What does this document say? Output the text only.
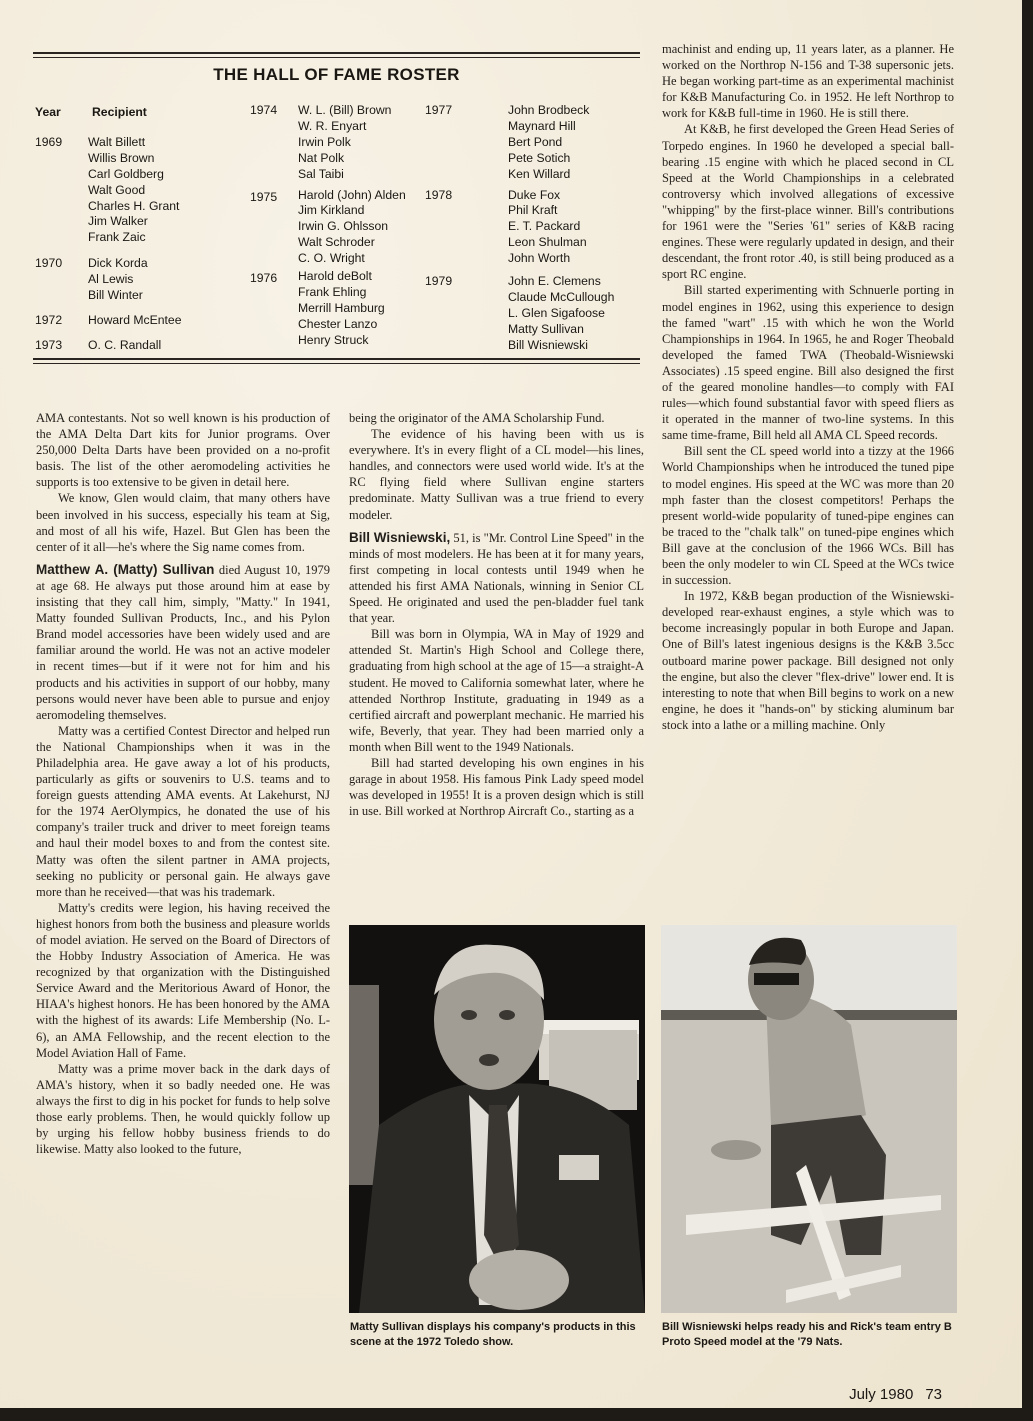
THE HALL OF FAME ROSTER
Year	Recipient
1969 Walt Billett
Willis Brown
Carl Goldberg
Walt Good
Charles H. Grant
Jim Walker
Frank Zaic
1970 Dick Korda
Al Lewis
Bill Winter
1972 Howard McEntee
1973 O. C. Randall
1974 W. L. (Bill) Brown
W. R. Enyart
Irwin Polk
Nat Polk
Sal Taibi
1975 Harold (John) Alden
Jim Kirkland
Irwin G. Ohlsson
Walt Schroder
C. O. Wright
1976 Harold deBolt
Frank Ehling
Merrill Hamburg
Chester Lanzo
Henry Struck
1977	John Brodbeck
Maynard Hill
Bert Pond
Pete Sotich
Ken Willard
1978	Duke Fox
Phil Kraft
E. T. Packard
Leon Shulman
John Worth
1979	John E. Clemens
Claude McCullough
L. Glen Sigafoose
Matty Sullivan
Bill Wisniewski

AMA contestants. Not so well known is his production of the AMA Delta Dart kits for Junior programs. Over 250,000 Delta Darts have been provided on a no-profit basis. The list of the other aeromodeling activities he supports is too extensive to be given in detail here.

We know, Glen would claim, that many others have been involved in his success, especially his team at Sig, and most of all his wife, Hazel. But Glen has been the center of it all—he's where the Sig name comes from.

Matthew A. (Matty) Sullivan died August 10, 1979 at age 68. He always put those around him at ease by insisting that they call him, simply, "Matty." In 1941, Matty founded Sullivan Products, Inc., and his Pylon Brand model accessories have been widely used and are familiar around the world. He was not an active modeler in recent times—but if it were not for him and his products and his activities in support of our hobby, many persons would never have been able to pursue and enjoy aeromodeling themselves.

Matty was a certified Contest Director and helped run the National Championships when it was in the Philadelphia area. He gave away a lot of his products, particularly as gifts or souvenirs to U.S. teams and to foreign guests attending AMA events. At Lakehurst, NJ for the 1974 AerOlympics, he donated the use of his company's trailer truck and driver to meet foreign teams and haul their model boxes to and from the contest site. Matty was often the silent partner in AMA projects, seeking no publicity or personal gain. He always gave more than he received—that was his trademark.

Matty's credits were legion, his having received the highest honors from both the business and pleasure worlds of model aviation. He served on the Board of Directors of the Hobby Industry Association of America. He was recognized by that organization with the Distinguished Service Award and the Meritorious Award of Honor, the HIAA's highest honors. He has been honored by the AMA with the highest of its awards: Life Membership (No. L-6), an AMA Fellowship, and the recent election to the Model Aviation Hall of Fame.

Matty was a prime mover back in the dark days of AMA's history, when it so badly needed one. He was always the first to dig in his pocket for funds to help solve those early problems. Then, he would quickly follow up by urging his fellow hobby business friends to do likewise. Matty also looked to the future,

being the originator of the AMA Scholarship Fund.

The evidence of his having been with us is everywhere. It's in every flight of a CL model—his lines, handles, and connectors were used world wide. It's at the RC flying field where Sullivan engine starters predominate. Matty Sullivan was a true friend to every modeler.

Bill Wisniewski, 51, is "Mr. Control Line Speed" in the minds of most modelers. He has been at it for many years, first competing in local contests until 1949 when he attended his first AMA Nationals, winning in Senior CL Speed. He originated and used the pen-bladder fuel tank that year.

Bill was born in Olympia, WA in May of 1929 and attended St. Martin's High School and College there, graduating from high school at the age of 15—a straight-A student. He moved to California somewhat later, where he attended Northrop Institute, graduating in 1949 as a certified aircraft and powerplant mechanic. He married his wife, Beverly, that year. They had been married only a month when Bill went to the 1949 Nationals.

Bill had started developing his own engines in his garage in about 1958. His famous Pink Lady speed model was developed in 1955! It is a proven design which is still in use. Bill worked at Northrop Aircraft Co., starting as a

machinist and ending up, 11 years later, as a planner. He worked on the Northrop N-156 and T-38 supersonic jets. He began working part-time as an experimental machinist for K&B Manufacturing Co. in 1952. He left Northrop to work for K&B full-time in 1960. He is still there.

At K&B, he first developed the Green Head Series of Torpedo engines. In 1960 he developed a special ball-bearing .15 engine with which he placed second in CL Speed at the World Championships in a celebrated controversy which involved allegations of excessive "whipping" by the first-place winner. Bill's contributions for 1961 were the "Series '61" series of K&B racing engines. These were regularly updated in design, and their descendant, the front rotor .40, is still being produced as a sport RC engine.

Bill started experimenting with Schnuerle porting in model engines in 1962, using this experience to design the famed "wart" .15 with which he won the World Championships in 1964. In 1965, he and Roger Theobald developed the famed TWA (Theobald-Wisniewski Associates) .15 speed engine. Bill also designed the first of the geared monoline handles—to comply with FAI rules—which found substantial favor with speed fliers as it operated in the manner of two-line systems. In this same time-frame, Bill held all AMA CL Speed records.

Bill sent the CL speed world into a tizzy at the 1966 World Championships when he introduced the tuned pipe to model engines. His speed at the WC was more than 20 mph faster than the closest competitors! Perhaps the present world-wide popularity of tuned-pipe engines can be traced to the "chalk talk" on tuned-pipe engines which Bill gave at the conclusion of the 1966 WCs. Bill has been the only modeler to win CL Speed at the WCs twice in succession.

In 1972, K&B began production of the Wisniewski-developed rear-exhaust engines, a style which was to become increasingly popular in both Europe and Japan. One of Bill's latest ingenious designs is the K&B 3.5cc outboard marine power package. Bill designed not only the engine, but also the clever "flex-drive" lower end. It is interesting to note that when Bill begins to work on a new engine, he does it "hands-on" by sticking aluminum bar stock into a lathe or a milling machine. Only

Matty Sullivan displays his company's products in this scene at the 1972 Toledo show.
Bill Wisniewski helps ready his and Rick's team entry B Proto Speed model at the '79 Nats.
July 1980 73
